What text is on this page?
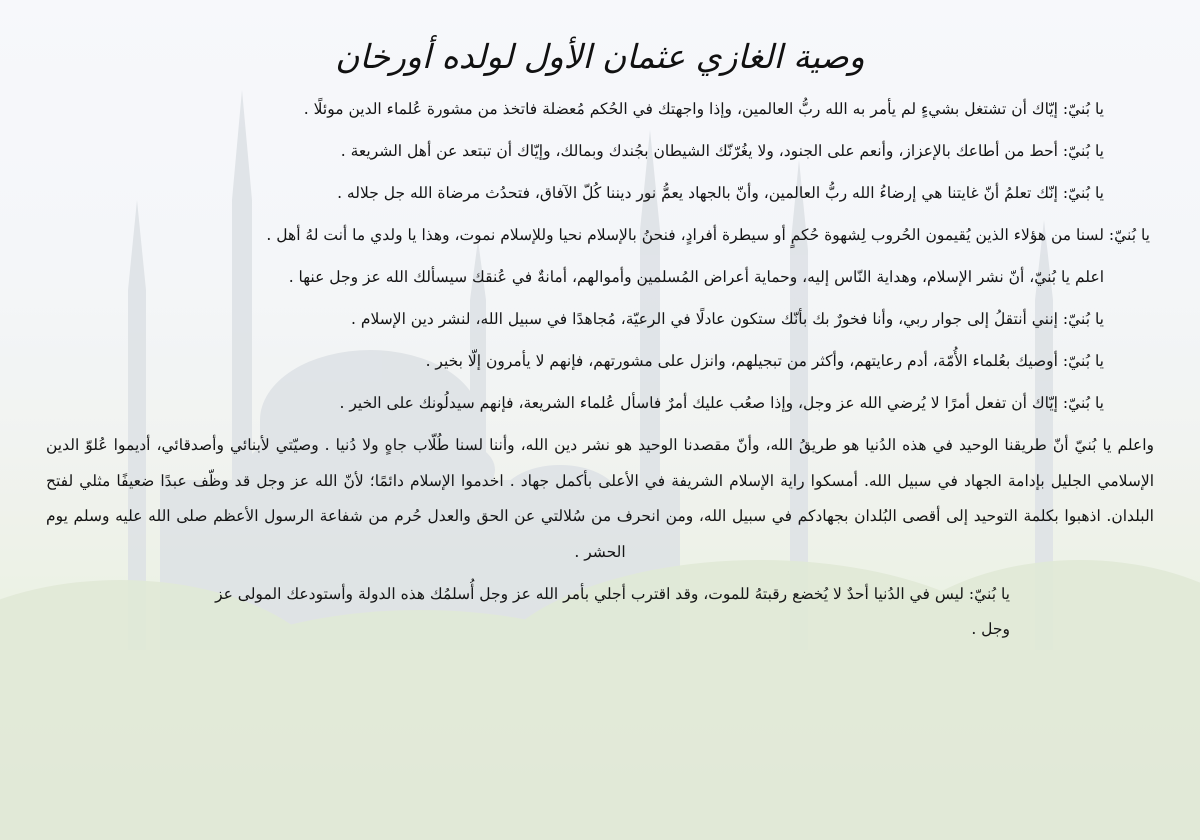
وصية الغازي عثمان الأول لولده أورخان

يا بُنيّ: إيّاك أن تشتغل بشيءٍ لم يأمر به الله ربُّ العالمين، وإذا واجهتك في الحُكم مُعضلة فاتخذ من مشورة عُلماء الدين موئلًا .

يا بُنيّ: أحط من أطاعك بالإعزاز، وأنعم على الجنود، ولا يغُرّنّك الشيطان بجُندك وبمالك، وإيّاك أن تبتعد عن أهل الشريعة .

يا بُنيّ: إنّك تعلمُ أنّ غايتنا هي إرضاءُ الله ربُّ العالمين، وأنّ بالجهاد يعمُّ نور ديننا كُلّ الآفاق، فتحدُث مرضاة الله جل جلاله .

يا بُنيّ: لسنا من هؤلاء الذين يُقيمون الحُروب لِشهوة حُكمٍ أو سيطرة أفرادٍ، فنحنُ بالإسلام نحيا وللإسلام نموت، وهذا يا ولدي ما أنت لهُ أهل .

اعلم يا بُنيّ، أنّ نشر الإسلام، وهداية النّاس إليه، وحماية أعراض المُسلمين وأموالهم، أمانةٌ في عُنقك سيسألك الله عز وجل عنها .

يا بُنيّ: إنني أنتقلُ إلى جوار ربي، وأنا فخورٌ بك بأنّك ستكون عادلًا في الرعيّة، مُجاهدًا في سبيل الله، لنشر دين الإسلام .

يا بُنيّ: أوصيك بعُلماء الأُمّة، أدم رعايتهم، وأكثر من تبجيلهم، وانزل على مشورتهم، فإنهم لا يأمرون إلّا بخير .

يا بُنيّ: إيّاك أن تفعل أمرًا لا يُرضي الله عز وجل، وإذا صعُب عليك أمرٌ فاسأل عُلماء الشريعة، فإنهم سيدلُونك على الخير .

واعلم يا بُنيّ أنّ طريقنا الوحيد في هذه الدُنيا هو طريقُ الله، وأنّ مقصدنا الوحيد هو نشر دين الله، وأننا لسنا طُلّاب جاهٍ ولا دُنيا . وصيّتي لأبنائي وأصدقائي، أديموا عُلوّ الدين الإسلامي الجليل بإدامة الجهاد في سبيل الله. أمسكوا راية الإسلام الشريفة في الأعلى بأكمل جهاد . اخدموا الإسلام دائمًا؛ لأنّ الله عز وجل قد وظّف عبدًا ضعيفًا مثلي لفتح البلدان. اذهبوا بكلمة التوحيد إلى أقصى البُلدان بجهادكم في سبيل الله، ومن انحرف من سُلالتي عن الحق والعدل حُرم من شفاعة الرسول الأعظم صلى الله عليه وسلم يوم الحشر .

يا بُنيّ: ليس في الدُنيا أحدٌ لا يُخضع رقبتهُ للموت، وقد اقترب أجلي بأمر الله عز وجل أُسلمُك هذه الدولة وأستودعك المولى عز وجل .
